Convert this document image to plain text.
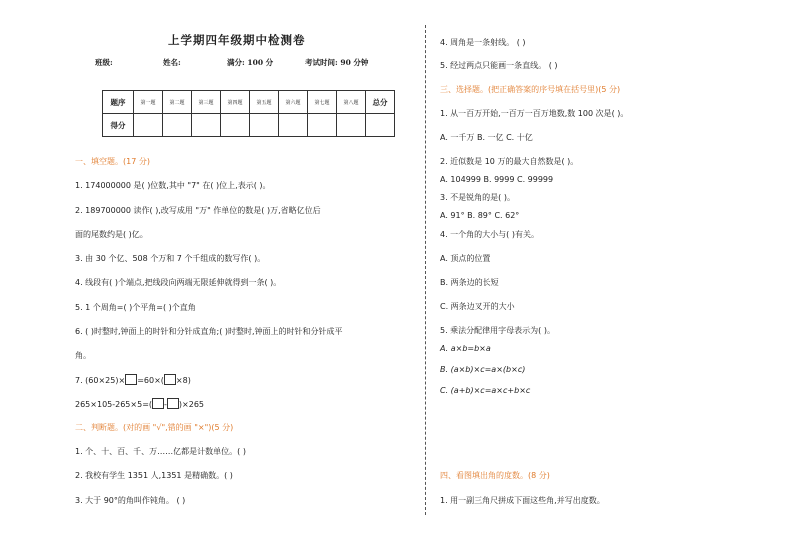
上学期四年级期中检测卷
班级:	姓名:	满分: 100 分	考试时间: 90 分钟
题序	第一题	第二题	第三题	第四题	第五题	第六题	第七题	第八题	总分
得分									
一、填空题。(17 分)
1. 174000000 是( )位数,其中 "7" 在( )位上,表示( )。
2. 189700000 读作( ),改写成用 "万" 作单位的数是( )万,省略亿位后
面的尾数约是( )亿。
3. 由 30 个亿、508 个万和 7 个千组成的数写作( )。
4. 线段有( )个端点,把线段向两端无限延伸就得到一条( )。
5. 1 个周角=( )个平角=( )个直角
6. ( )时整时,钟面上的时针和分针成直角;( )时整时,钟面上的时针和分针成平
角。
7. (60×25)× =60×( ×8)
265×105-265×5=( - )×265
二、判断题。(对的画 "√",错的画 "×")(5 分)
1. 个、十、百、千、万……亿都是计数单位。( )
2. 我校有学生 1351 人,1351 是精确数。( )
3. 大于 90°的角叫作钝角。 ( )
4. 周角是一条射线。 ( )
5. 经过两点只能画一条直线。 ( )
三、选择题。(把正确答案的序号填在括号里)(5 分)
1. 从一百万开始,一百万一百万地数,数 100 次是( )。
A. 一千万 B. 一亿 C. 十亿
2. 近似数是 10 万的最大自然数是( )。
A. 104999 B. 9999 C. 99999
3. 不是锐角的是( )。
A. 91° B. 89° C. 62°
4. 一个角的大小与( )有关。
A. 顶点的位置
B. 两条边的长短
C. 两条边叉开的大小
5. 乘法分配律用字母表示为( )。
A. a×b=b×a
B. (a×b)×c=a×(b×c)
C. (a+b)×c=a×c+b×c
四、看图填出角的度数。(8 分)
1. 用一副三角尺拼成下面这些角,并写出度数。
